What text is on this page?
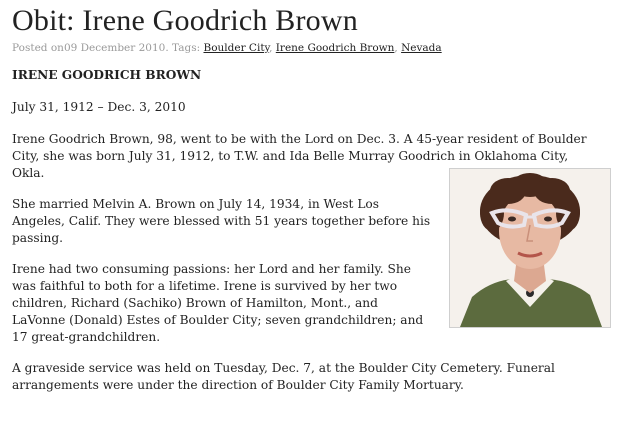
Obit: Irene Goodrich Brown
Posted on09 December 2010. Tags: Boulder City, Irene Goodrich Brown, Nevada

IRENE GOODRICH BROWN

July 31, 1912 – Dec. 3, 2010

Irene Goodrich Brown, 98, went to be with the Lord on Dec. 3. A 45-year resident of Boulder City, she was born July 31, 1912, to T.W. and Ida Belle Murray Goodrich in Oklahoma City, Okla.

She married Melvin A. Brown on July 14, 1934, in West Los Angeles, Calif. They were blessed with 51 years together before his passing.

Irene had two consuming passions: her Lord and her family. She was faithful to both for a lifetime. Irene is survived by her two children, Richard (Sachiko) Brown of Hamilton, Mont., and LaVonne (Donald) Estes of Boulder City; seven grandchildren; and 17 great-grandchildren.

A graveside service was held on Tuesday, Dec. 7, at the Boulder City Cemetery. Funeral arrangements were under the direction of Boulder City Family Mortuary.
